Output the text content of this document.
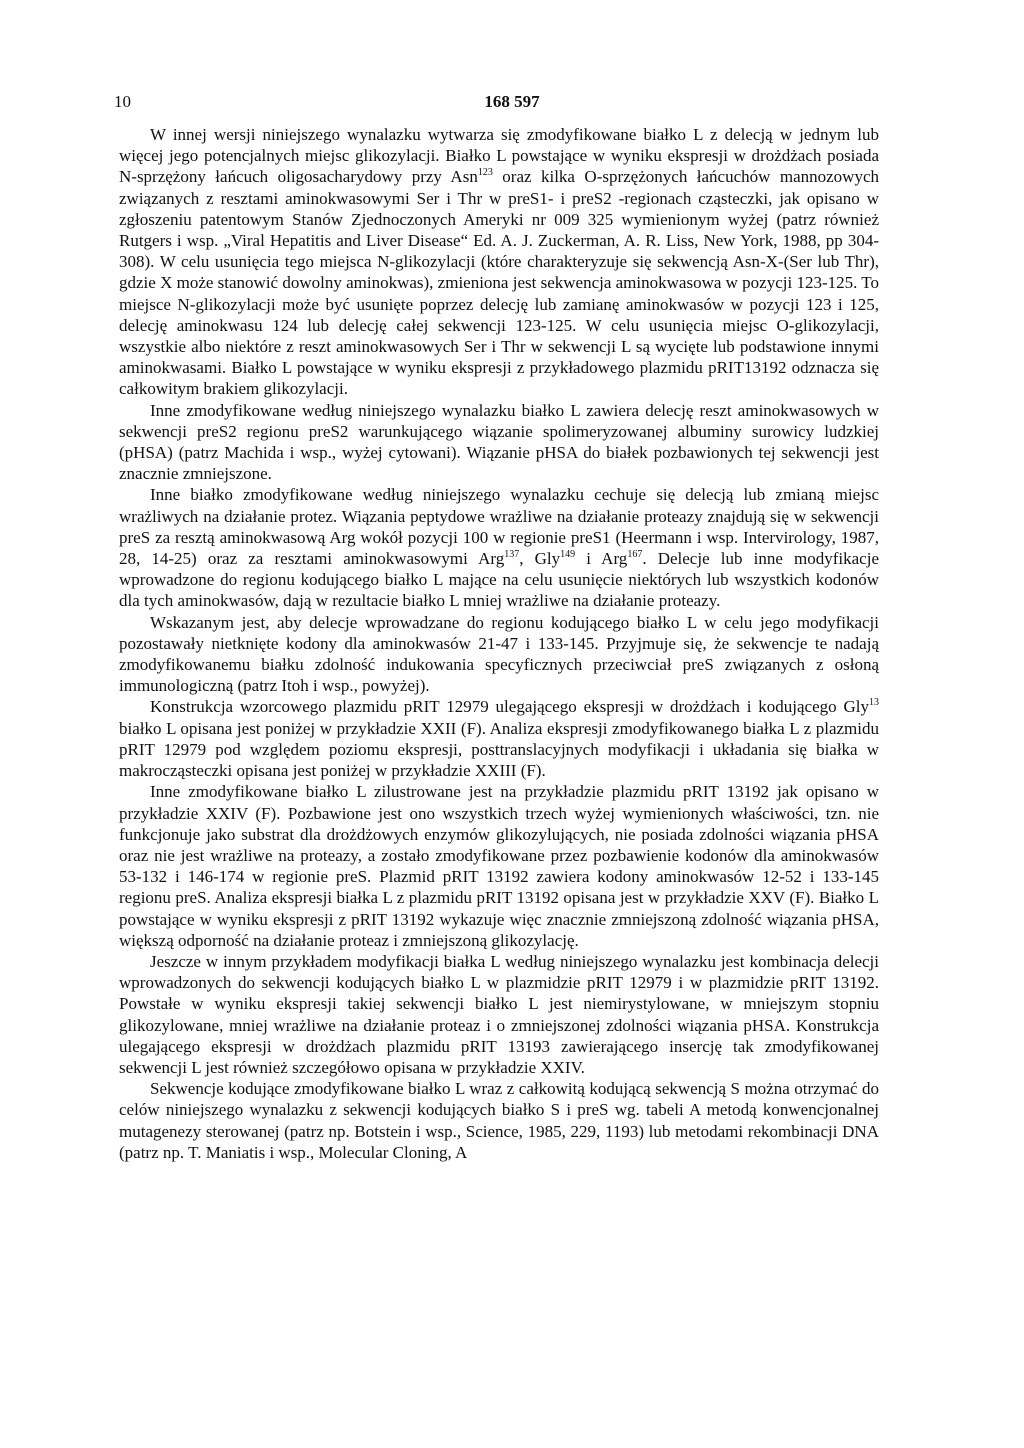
10	168 597

W innej wersji niniejszego wynalazku wytwarza się zmodyfikowane białko L z delecją w jednym lub więcej jego potencjalnych miejsc glikozylacji. Białko L powstające w wyniku ekspresji w drożdżach posiada N-sprzężony łańcuch oligosacharydowy przy Asn$^{123}$ oraz kilka O-sprzężonych łańcuchów mannozowych związanych z resztami aminokwasowymi Ser i Thr w preS1- i preS2 -regionach cząsteczki, jak opisano w zgłoszeniu patentowym Stanów Zjednoczonych Ameryki nr 009 325 wymienionym wyżej (patrz również Rutgers i wsp. „Viral Hepatitis and Liver Disease“ Ed. A. J. Zuckerman, A. R. Liss, New York, 1988, pp 304-308). W celu usunięcia tego miejsca N-glikozylacji (które charakteryzuje się sekwencją Asn-X-(Ser lub Thr), gdzie X może stanowić dowolny aminokwas), zmieniona jest sekwencja aminokwasowa w pozycji 123-125. To miejsce N-glikozylacji może być usunięte poprzez delecję lub zamianę aminokwasów w pozycji 123 i 125, delecję aminokwasu 124 lub delecję całej sekwencji 123-125. W celu usunięcia miejsc O-glikozylacji, wszystkie albo niektóre z reszt aminokwasowych Ser i Thr w sekwencji L są wycięte lub podstawione innymi aminokwasami. Białko L powstające w wyniku ekspresji z przykładowego plazmidu pRIT13192 odznacza się całkowitym brakiem glikozylacji.

Inne zmodyfikowane według niniejszego wynalazku białko L zawiera delecję reszt aminokwasowych w sekwencji preS2 regionu preS2 warunkującego wiązanie spolimeryzowanej albuminy surowicy ludzkiej (pHSA) (patrz Machida i wsp., wyżej cytowani). Wiązanie pHSA do białek pozbawionych tej sekwencji jest znacznie zmniejszone.

Inne białko zmodyfikowane według niniejszego wynalazku cechuje się delecją lub zmianą miejsc wrażliwych na działanie protez. Wiązania peptydowe wrażliwe na działanie proteazy znajdują się w sekwencji preS za resztą aminokwasową Arg wokół pozycji 100 w regionie preS1 (Heermann i wsp. Intervirology, 1987, 28, 14-25) oraz za resztami aminokwasowymi Arg$^{137}$, Gly$^{149}$ i Arg$^{167}$. Delecje lub inne modyfikacje wprowadzone do regionu kodującego białko L mające na celu usunięcie niektórych lub wszystkich kodonów dla tych aminokwasów, dają w rezultacie białko L mniej wrażliwe na działanie proteazy.

Wskazanym jest, aby delecje wprowadzane do regionu kodującego białko L w celu jego modyfikacji pozostawały nietknięte kodony dla aminokwasów 21-47 i 133-145. Przyjmuje się, że sekwencje te nadają zmodyfikowanemu białku zdolność indukowania specyficznych przeciwciał preS związanych z osłoną immunologiczną (patrz Itoh i wsp., powyżej).

Konstrukcja wzorcowego plazmidu pRIT 12979 ulegającego ekspresji w drożdżach i kodującego Gly$^{13}$ białko L opisana jest poniżej w przykładzie XXII (F). Analiza ekspresji zmodyfikowanego białka L z plazmidu pRIT 12979 pod względem poziomu ekspresji, posttranslacyjnych modyfikacji i układania się białka w makrocząsteczki opisana jest poniżej w przykładzie XXIII (F).

Inne zmodyfikowane białko L zilustrowane jest na przykładzie plazmidu pRIT 13192 jak opisano w przykładzie XXIV (F). Pozbawione jest ono wszystkich trzech wyżej wymienionych właściwości, tzn. nie funkcjonuje jako substrat dla drożdżowych enzymów glikozylujących, nie posiada zdolności wiązania pHSA oraz nie jest wrażliwe na proteazy, a zostało zmodyfikowane przez pozbawienie kodonów dla aminokwasów 53-132 i 146-174 w regionie preS. Plazmid pRIT 13192 zawiera kodony aminokwasów 12-52 i 133-145 regionu preS. Analiza ekspresji białka L z plazmidu pRIT 13192 opisana jest w przykładzie XXV (F). Białko L powstające w wyniku ekspresji z pRIT 13192 wykazuje więc znacznie zmniejszoną zdolność wiązania pHSA, większą odporność na działanie proteaz i zmniejszoną glikozylację.

Jeszcze w innym przykładem modyfikacji białka L według niniejszego wynalazku jest kombinacja delecji wprowadzonych do sekwencji kodujących białko L w plazmidzie pRIT 12979 i w plazmidzie pRIT 13192. Powstałe w wyniku ekspresji takiej sekwencji białko L jest niemirystylowane, w mniejszym stopniu glikozylowane, mniej wrażliwe na działanie proteaz i o zmniejszonej zdolności wiązania pHSA. Konstrukcja ulegającego ekspresji w drożdżach plazmidu pRIT 13193 zawierającego insercję tak zmodyfikowanej sekwencji L jest również szczegółowo opisana w przykładzie XXIV.

Sekwencje kodujące zmodyfikowane białko L wraz z całkowitą kodującą sekwencją S można otrzymać do celów niniejszego wynalazku z sekwencji kodujących białko S i preS wg. tabeli A metodą konwencjonalnej mutagenezy sterowanej (patrz np. Botstein i wsp., Science, 1985, 229, 1193) lub metodami rekombinacji DNA (patrz np. T. Maniatis i wsp., Molecular Cloning, A
